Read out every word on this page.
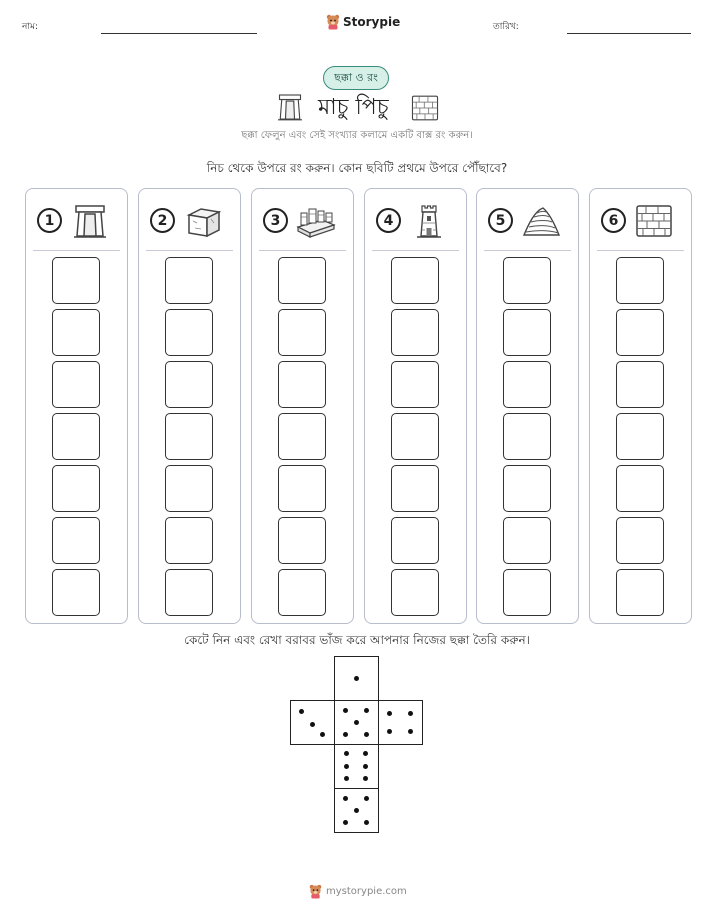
নাম:	Storypie	তারিখ:
ছক্কা ও রং
মাচু পিচু
ছক্কা ফেলুন এবং সেই সংখ্যার কলামে একটি বাক্স রং করুন।
নিচ থেকে উপরে রং করুন। কোন ছবিটি প্রথমে উপরে পৌঁছাবে?
1	2	3	4	5	6
কেটে নিন এবং রেখা বরাবর ভাঁজ করে আপনার নিজের ছক্কা তৈরি করুন।
mystorypie.com
